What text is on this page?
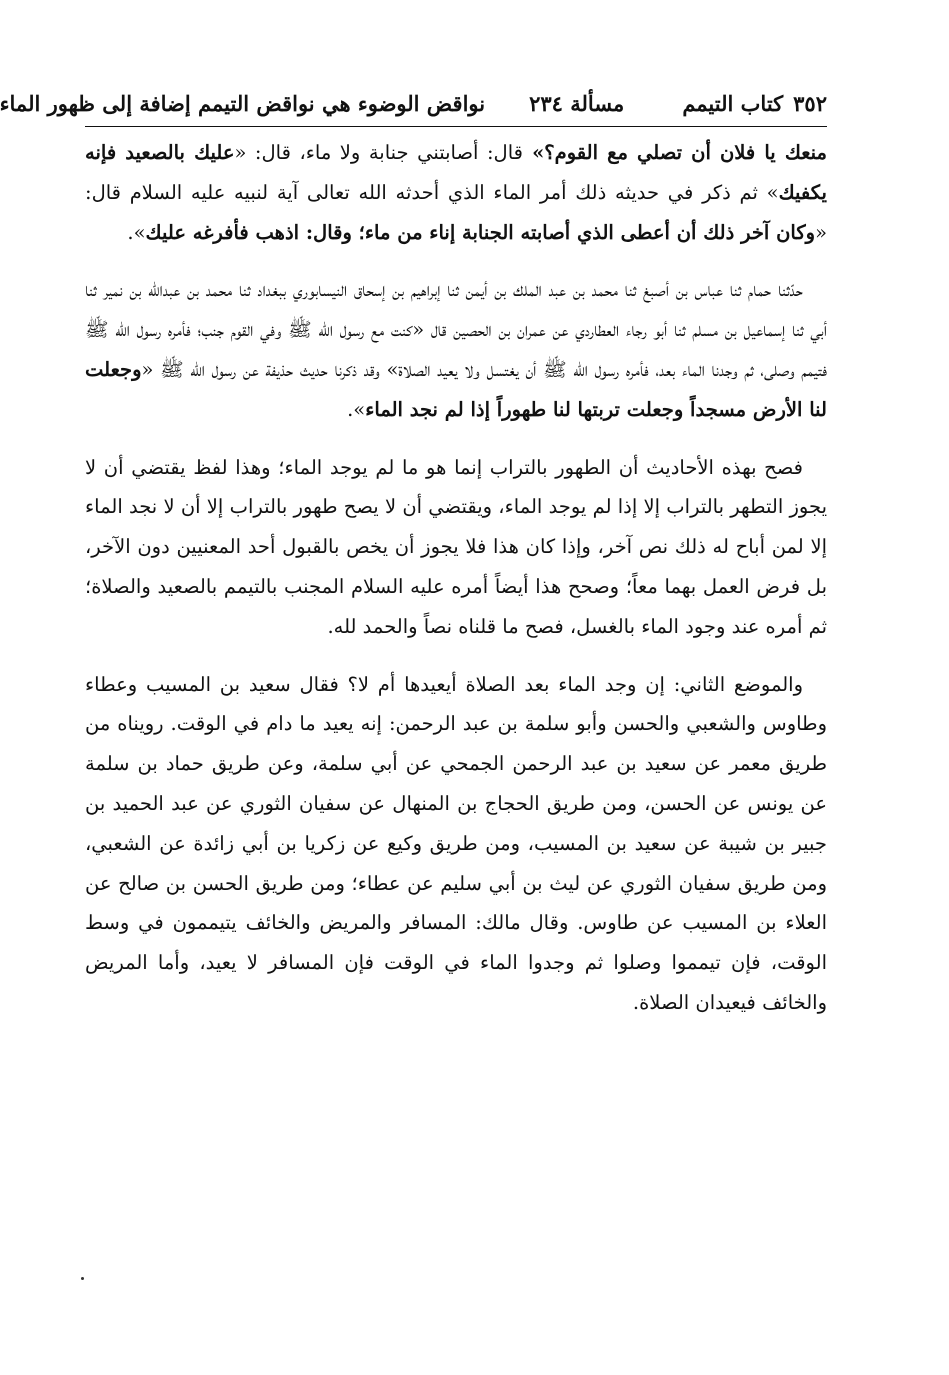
٣٥٢
كتاب التيمم
مسألة ٢٣٤
نواقض الوضوء هي نواقض التيمم إضافة إلى ظهور الماء

منعك يا فلان أن تصلي مع القوم؟» قال: أصابتني جنابة ولا ماء، قال: «عليك بالصعيد فإنه يكفيك» ثم ذكر في حديثه ذلك أمر الماء الذي أحدثه الله تعالى آية لنبيه عليه السلام قال: «وكان آخر ذلك أن أعطى الذي أصابته الجنابة إناء من ماء؛ وقال: اذهب فأفرغه عليك».

حدّثنا حمام ثنا عباس بن أصبغ ثنا محمد بن عبد الملك بن أيمن ثنا إبراهيم بن إسحاق النيسابوري ببغداد ثنا محمد بن عبدالله بن نمير ثنا أبي ثنا إسماعيل بن مسلم ثنا أبو رجاء العطاردي عن عمران بن الحصين قال «كنت مع رسول الله ﷺ وفي القوم جنب؛ فأمره رسول الله ﷺ فتيمم وصلى، ثم وجدنا الماء بعد، فأمره رسول الله ﷺ أن يغتسل ولا يعيد الصلاة» وقد ذكرنا حديث حذيفة عن رسول الله ﷺ «وجعلت لنا الأرض مسجداً وجعلت تربتها لنا طهوراً إذا لم نجد الماء».

فصح بهذه الأحاديث أن الطهور بالتراب إنما هو ما لم يوجد الماء؛ وهذا لفظ يقتضي أن لا يجوز التطهر بالتراب إلا إذا لم يوجد الماء، ويقتضي أن لا يصح طهور بالتراب إلا أن لا نجد الماء إلا لمن أباح له ذلك نص آخر، وإذا كان هذا فلا يجوز أن يخص بالقبول أحد المعنيين دون الآخر، بل فرض العمل بهما معاً؛ وصحح هذا أيضاً أمره عليه السلام المجنب بالتيمم بالصعيد والصلاة؛ ثم أمره عند وجود الماء بالغسل، فصح ما قلناه نصاً والحمد لله.

والموضع الثاني: إن وجد الماء بعد الصلاة أيعيدها أم لا؟ فقال سعيد بن المسيب وعطاء وطاوس والشعبي والحسن وأبو سلمة بن عبد الرحمن: إنه يعيد ما دام في الوقت. رويناه من طريق معمر عن سعيد بن عبد الرحمن الجمحي عن أبي سلمة، وعن طريق حماد بن سلمة عن يونس عن الحسن، ومن طريق الحجاج بن المنهال عن سفيان الثوري عن عبد الحميد بن جبير بن شيبة عن سعيد بن المسيب، ومن طريق وكيع عن زكريا بن أبي زائدة عن الشعبي، ومن طريق سفيان الثوري عن ليث بن أبي سليم عن عطاء؛ ومن طريق الحسن بن صالح عن العلاء بن المسيب عن طاوس. وقال مالك: المسافر والمريض والخائف يتيممون في وسط الوقت، فإن تيمموا وصلوا ثم وجدوا الماء في الوقت فإن المسافر لا يعيد، وأما المريض والخائف فيعيدان الصلاة.
